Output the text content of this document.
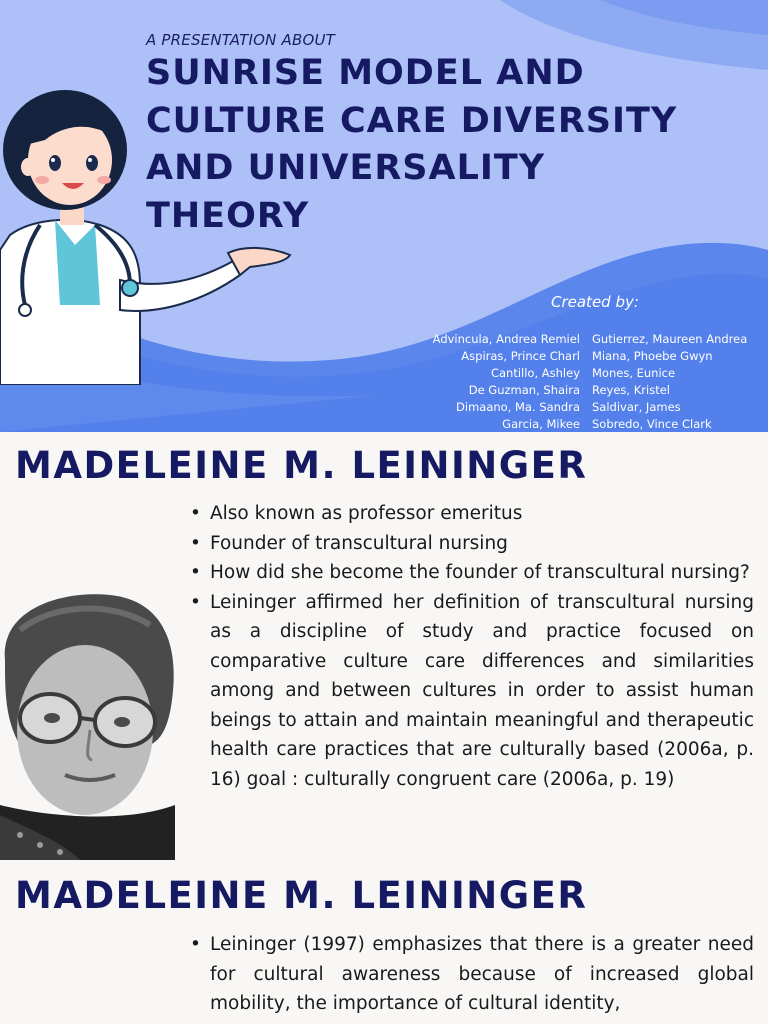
A PRESENTATION ABOUT
SUNRISE MODEL AND
CULTURE CARE DIVERSITY
AND UNIVERSALITY
THEORY
Created by:
Advincula, Andrea Remiel
Aspiras, Prince Charl
Cantillo, Ashley
De Guzman, Shaira
Dimaano, Ma. Sandra
Garcia, Mikee
Gutierrez, Maureen Andrea
Miana, Phoebe Gwyn
Mones, Eunice
Reyes, Kristel
Saldivar, James
Sobredo, Vince Clark
MADELEINE M. LEININGER
• Also known as professor emeritus
• Founder of transcultural nursing
• How did she become the founder of transcultural nursing?
• Leininger affirmed her definition of transcultural nursing as a discipline of study and practice focused on comparative culture care differences and similarities among and between cultures in order to assist human beings to attain and maintain meaningful and therapeutic health care practices that are culturally based (2006a, p. 16) goal : culturally congruent care (2006a, p. 19)
MADELEINE M. LEININGER
• Leininger (1997) emphasizes that there is a greater need for cultural awareness because of increased global mobility, the importance of cultural identity,
